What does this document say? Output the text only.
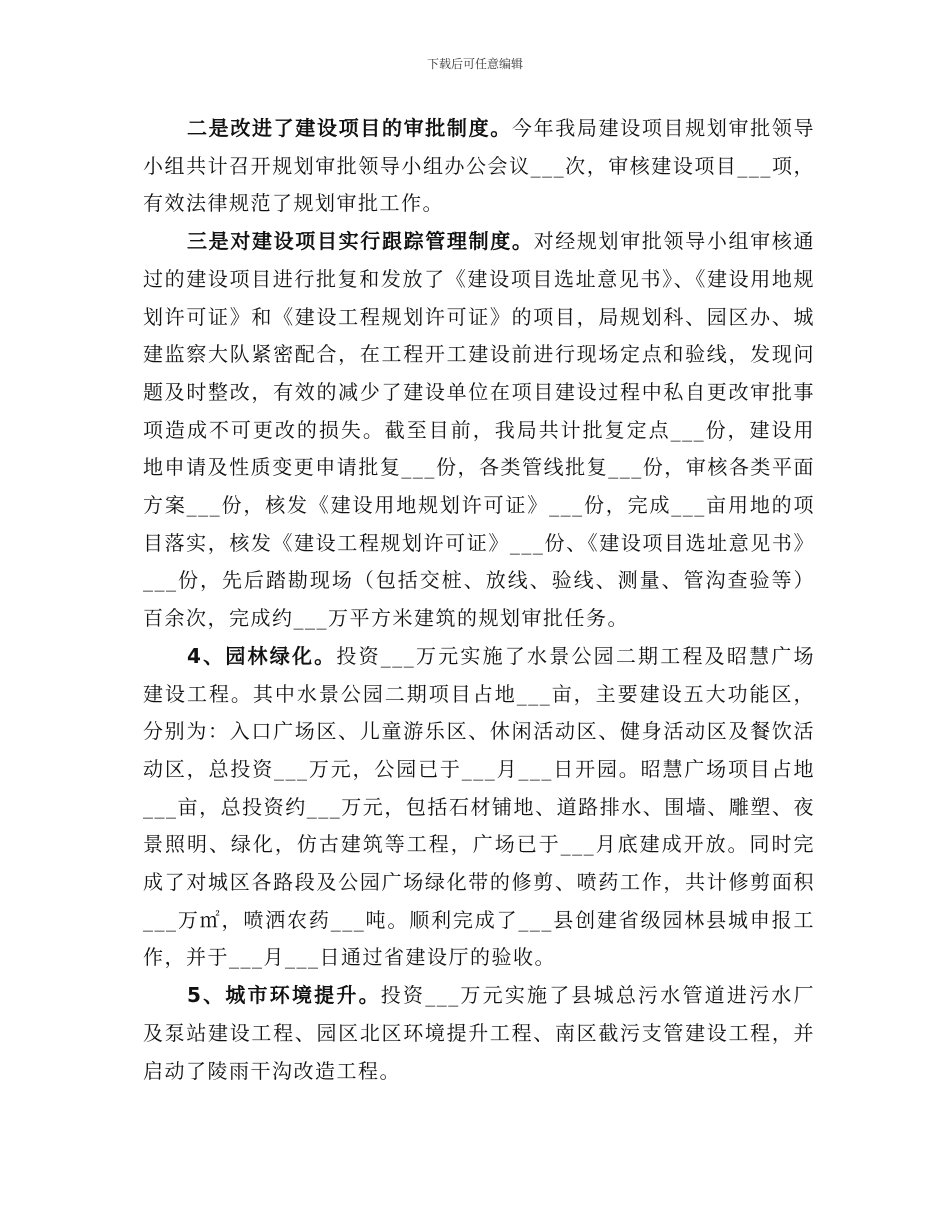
下载后可任意编辑

二是改进了建设项目的审批制度。今年我局建设项目规划审批领导小组共计召开规划审批领导小组办公会议___次，审核建设项目___项，有效法律规范了规划审批工作。

三是对建设项目实行跟踪管理制度。对经规划审批领导小组审核通过的建设项目进行批复和发放了《建设项目选址意见书》、《建设用地规划许可证》和《建设工程规划许可证》的项目，局规划科、园区办、城建监察大队紧密配合，在工程开工建设前进行现场定点和验线，发现问题及时整改，有效的减少了建设单位在项目建设过程中私自更改审批事项造成不可更改的损失。截至目前，我局共计批复定点___份，建设用地申请及性质变更申请批复___份，各类管线批复___份，审核各类平面方案___份，核发《建设用地规划许可证》___份，完成___亩用地的项目落实，核发《建设工程规划许可证》___份、《建设项目选址意见书》___份，先后踏勘现场（包括交桩、放线、验线、测量、管沟查验等）百余次，完成约___万平方米建筑的规划审批任务。

4、园林绿化。投资___万元实施了水景公园二期工程及昭慧广场建设工程。其中水景公园二期项目占地___亩，主要建设五大功能区，分别为：入口广场区、儿童游乐区、休闲活动区、健身活动区及餐饮活动区，总投资___万元，公园已于___月___日开园。昭慧广场项目占地___亩，总投资约___万元，包括石材铺地、道路排水、围墙、雕塑、夜景照明、绿化，仿古建筑等工程，广场已于___月底建成开放。同时完成了对城区各路段及公园广场绿化带的修剪、喷药工作，共计修剪面积___万㎡，喷洒农药___吨。顺利完成了___县创建省级园林县城申报工作，并于___月___日通过省建设厅的验收。

5、城市环境提升。投资___万元实施了县城总污水管道进污水厂及泵站建设工程、园区北区环境提升工程、南区截污支管建设工程，并启动了陵雨干沟改造工程。
